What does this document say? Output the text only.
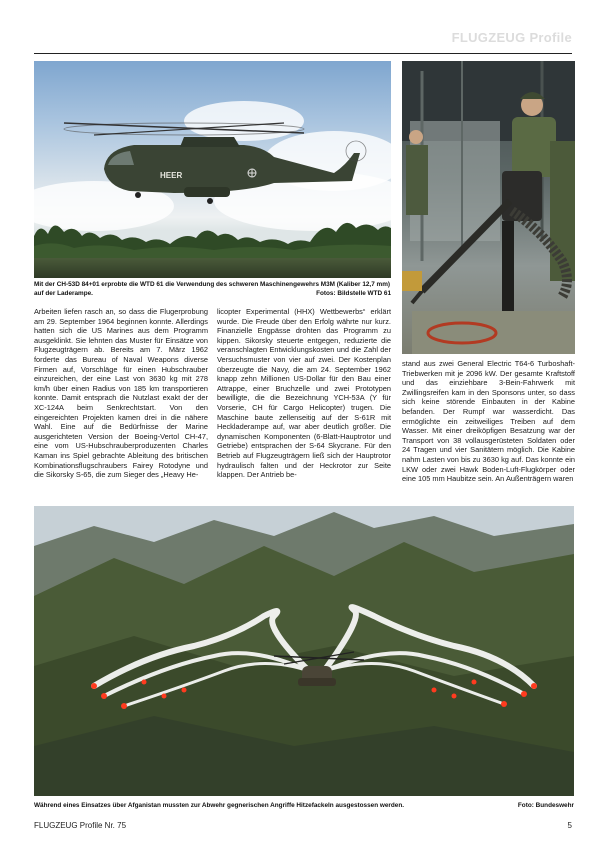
FLUGZEUG Profile
HEER
Mit der CH-53D 84+01 erprobte die WTD 61 die Verwendung des schweren Maschinengewehrs M3M (Kaliber 12,7 mm) auf der Laderampe.	Fotos: Bildstelle WTD 61
Arbeiten liefen rasch an, so dass die Flugerprobung am 29. September 1964 beginnen konnte. Allerdings hatten sich die US Marines aus dem Programm ausgeklinkt. Sie lehnten das Muster für Einsätze von Flugzeugträgern ab. Bereits am 7. März 1962 forderte das Bureau of Naval Weapons diverse Firmen auf, Vorschläge für einen Hubschrauber einzureichen, der eine Last von 3630 kg mit 278 km/h über einen Radius von 185 km transportieren konnte. Damit entsprach die Nutzlast exakt der der XC-124A beim Senkrechtstart. Von den eingereichten Projekten kamen drei in die nähere Wahl. Eine auf die Bedürfnisse der Marine ausgerichteten Version der Boeing-Vertol CH-47, eine vom US-Hubschrauberproduzenten Charles Kaman ins Spiel gebrachte Ableitung des britischen Kombinationsflugschraubers Fairey Rotodyne und die Sikorsky S-65, die zum Sieger des „Heavy He-
licopter Experimental (HHX) Wettbewerbs“ erklärt wurde. Die Freude über den Erfolg währte nur kurz. Finanzielle Engpässe drohten das Programm zu kippen. Sikorsky steuerte entgegen, reduzierte die veranschlagten Entwicklungskosten und die Zahl der Versuchsmuster von vier auf zwei. Der Kostenplan überzeugte die Navy, die am 24. September 1962 knapp zehn Millionen US-Dollar für den Bau einer Attrappe, einer Bruchzelle und zwei Prototypen bewilligte, die die Bezeichnung YCH-53A (Y für Vorserie, CH für Cargo Helicopter) trugen. Die Maschine baute zellenseitig auf der S-61R mit Heckladerampe auf, war aber deutlich größer. Die dynamischen Komponenten (6-Blatt-Hauptrotor und Getriebe) entsprachen der S-64 Skycrane. Für den Betrieb auf Flugzeugträgern ließ sich der Hauptrotor hydraulisch falten und der Heckrotor zur Seite klappen. Der Antrieb be-
stand aus zwei General Electric T64-6 Turboshaft-Triebwerken mit je 2096 kW. Der gesamte Kraftstoff und das einziehbare 3-Bein-Fahrwerk mit Zwillingsreifen kam in den Sponsons unter, so dass sich keine störende Einbauten in der Kabine befanden. Der Rumpf war wasserdicht. Das ermöglichte ein zeitweiliges Treiben auf dem Wasser. Mit einer dreiköpfigen Besatzung war der Transport von 38 vollausgerüsteten Soldaten oder 24 Tragen und vier Sanitätern möglich. Die Kabine nahm Lasten von bis zu 3630 kg auf. Das konnte ein LKW oder zwei Hawk Boden-Luft-Flugkörper oder eine 105 mm Haubitze sein. An Außenträgern waren
Während eines Einsatzes über Afganistan mussten zur Abwehr gegnerischen Angriffe Hitzefackeln ausgestossen werden.	Foto: Bundeswehr
FLUGZEUG Profile Nr. 75	5
